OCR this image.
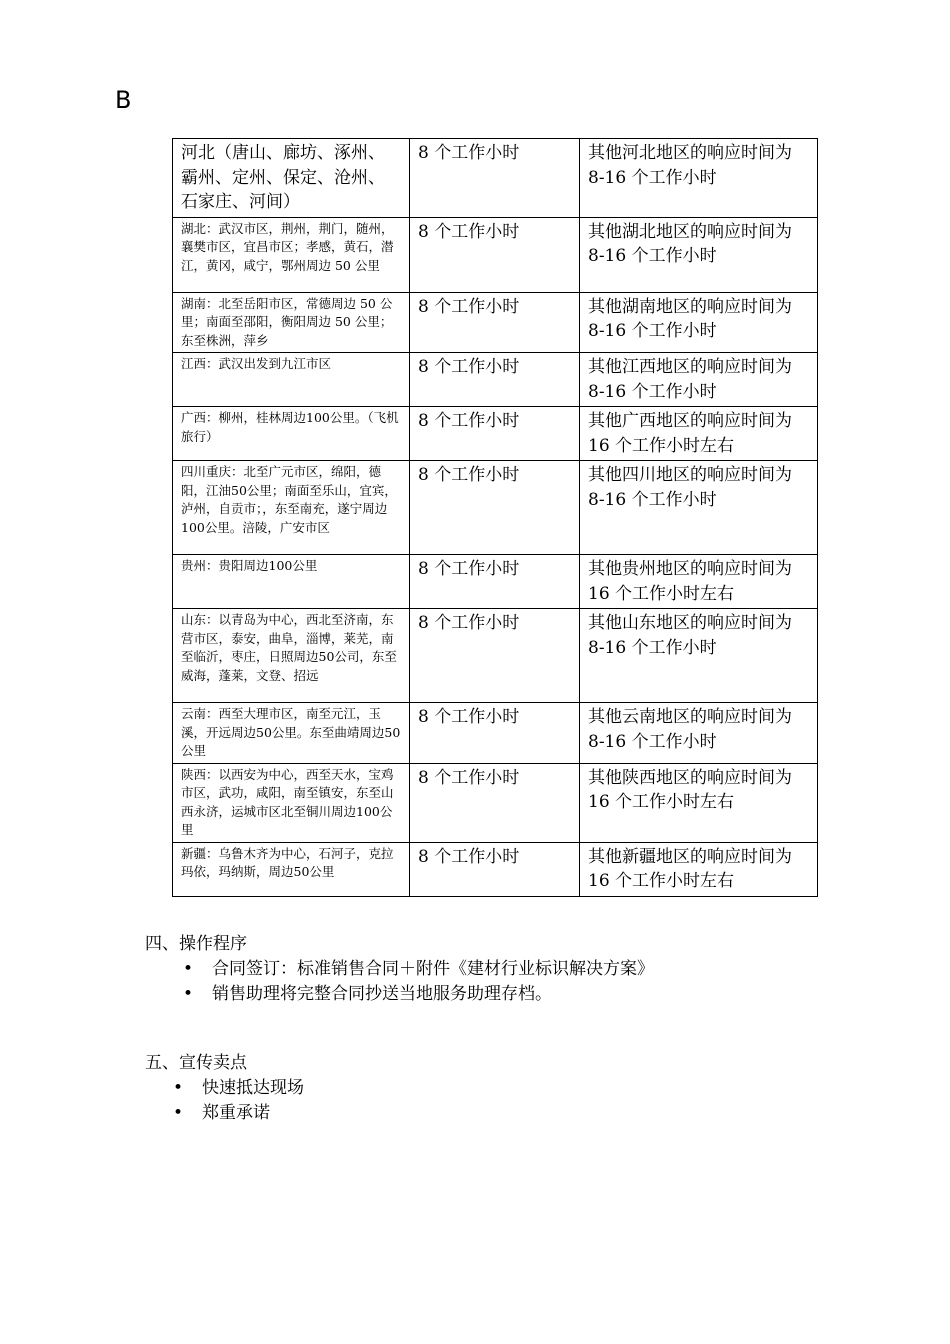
B
河北（唐山、廊坊、涿州、霸州、定州、保定、沧州、石家庄、河间）	8 个工作小时	其他河北地区的响应时间为 8-16 个工作小时
湖北：武汉市区，荆州，荆门，随州，襄樊市区，宜昌市区；孝感，黄石，潜江，黄冈，咸宁，鄂州周边 50 公里	8 个工作小时	其他湖北地区的响应时间为 8-16 个工作小时
湖南：北至岳阳市区，常德周边 50 公里；南面至邵阳，衡阳周边 50 公里；东至株洲，萍乡	8 个工作小时	其他湖南地区的响应时间为 8-16 个工作小时
江西：武汉出发到九江市区	8 个工作小时	其他江西地区的响应时间为 8-16 个工作小时
广西：柳州，桂林周边100公里。（飞机旅行）	8 个工作小时	其他广西地区的响应时间为 16 个工作小时左右
四川重庆：北至广元市区，绵阳，德阳，江油50公里；南面至乐山，宜宾，泸州，自贡市；，东至南充，遂宁周边100公里。涪陵，广安市区	8 个工作小时	其他四川地区的响应时间为 8-16 个工作小时
贵州：贵阳周边100公里	8 个工作小时	其他贵州地区的响应时间为 16 个工作小时左右
山东：以青岛为中心，西北至济南，东营市区，泰安，曲阜，淄博，莱芜，南至临沂，枣庄，日照周边50公司，东至威海，蓬莱，文登、招远	8 个工作小时	其他山东地区的响应时间为 8-16 个工作小时
云南：西至大理市区，南至元江，玉溪，开远周边50公里。东至曲靖周边50公里	8 个工作小时	其他云南地区的响应时间为 8-16 个工作小时
陕西：以西安为中心，西至天水，宝鸡市区，武功，咸阳，南至镇安，东至山西永济，运城市区北至铜川周边100公里	8 个工作小时	其他陕西地区的响应时间为 16 个工作小时左右
新疆：乌鲁木齐为中心，石河子，克拉玛依，玛纳斯，周边50公里	8 个工作小时	其他新疆地区的响应时间为 16 个工作小时左右
四、操作程序
• 合同签订：标准销售合同＋附件《建材行业标识解决方案》
• 销售助理将完整合同抄送当地服务助理存档。
五、宣传卖点
• 快速抵达现场
• 郑重承诺
